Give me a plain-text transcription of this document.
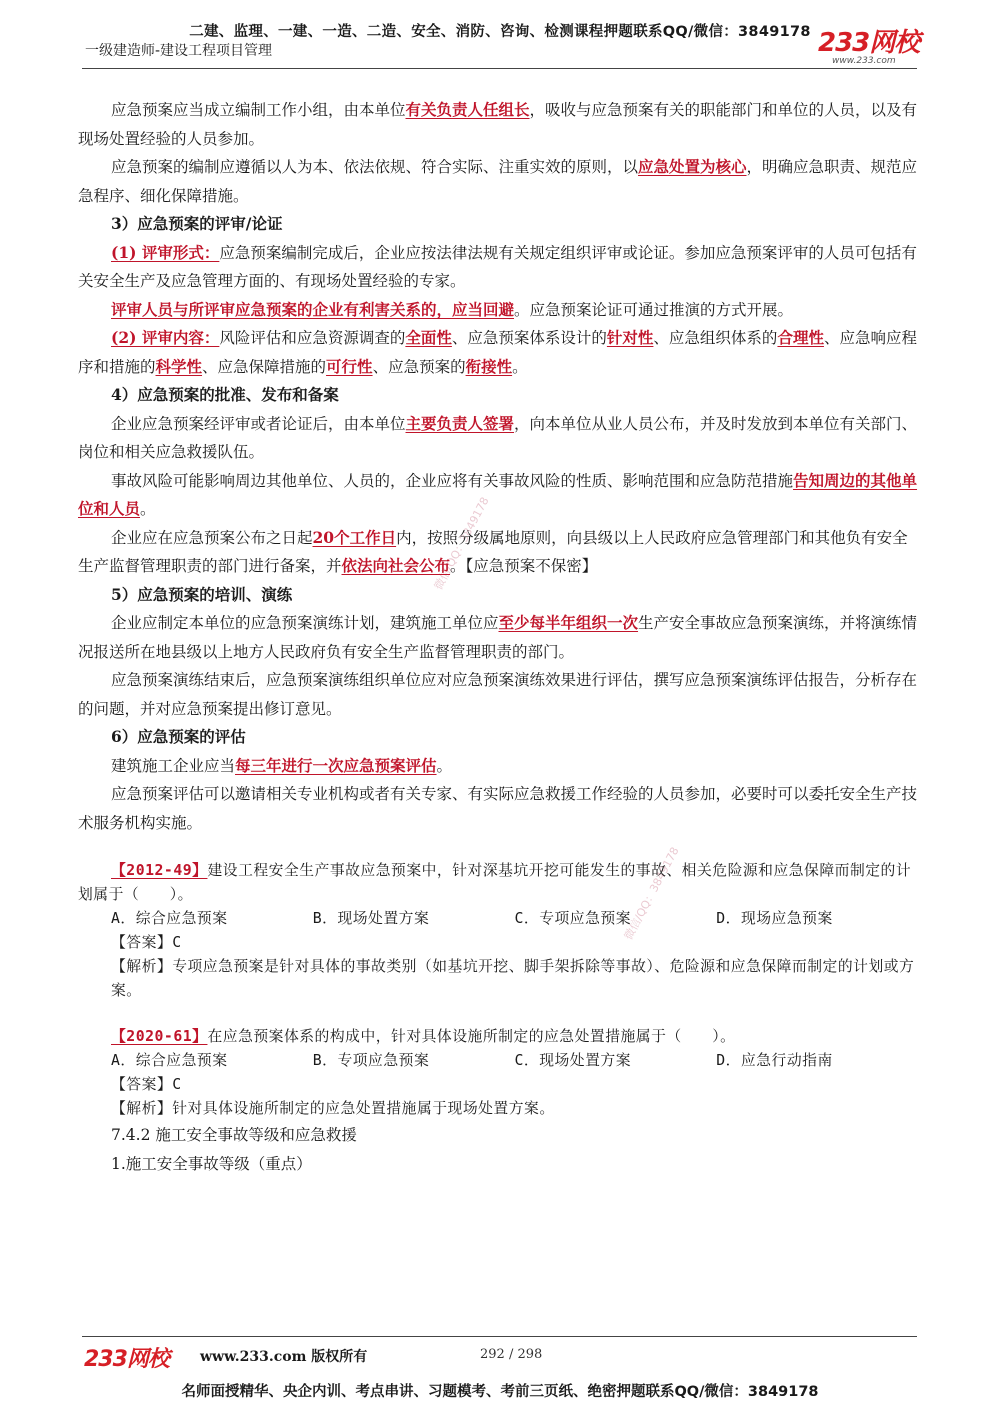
二建、监理、一建、一造、二造、安全、消防、咨询、检测课程押题联系QQ/微信：3849178
一级建造师-建设工程项目管理	233网校
www.233.com
微信/QQ：3849178
微信/QQ：3849178

应急预案应当成立编制工作小组，由本单位有关负责人任组长，吸收与应急预案有关的职能部门和单位的人员，以及有现场处置经验的人员参加。

应急预案的编制应遵循以人为本、依法依规、符合实际、注重实效的原则，以应急处置为核心，明确应急职责、规范应急程序、细化保障措施。

3）应急预案的评审/论证

(1) 评审形式：应急预案编制完成后，企业应按法律法规有关规定组织评审或论证。参加应急预案评审的人员可包括有关安全生产及应急管理方面的、有现场处置经验的专家。

评审人员与所评审应急预案的企业有利害关系的，应当回避。应急预案论证可通过推演的方式开展。

(2) 评审内容：风险评估和应急资源调查的全面性、应急预案体系设计的针对性、应急组织体系的合理性、应急响应程序和措施的科学性、应急保障措施的可行性、应急预案的衔接性。

4）应急预案的批准、发布和备案

企业应急预案经评审或者论证后，由本单位主要负责人签署，向本单位从业人员公布，并及时发放到本单位有关部门、岗位和相关应急救援队伍。

事故风险可能影响周边其他单位、人员的，企业应将有关事故风险的性质、影响范围和应急防范措施告知周边的其他单位和人员。

企业应在应急预案公布之日起20个工作日内，按照分级属地原则，向县级以上人民政府应急管理部门和其他负有安全生产监督管理职责的部门进行备案，并依法向社会公布。【应急预案不保密】

5）应急预案的培训、演练

企业应制定本单位的应急预案演练计划，建筑施工单位应至少每半年组织一次生产安全事故应急预案演练，并将演练情况报送所在地县级以上地方人民政府负有安全生产监督管理职责的部门。

应急预案演练结束后，应急预案演练组织单位应对应急预案演练效果进行评估，撰写应急预案演练评估报告，分析存在的问题，并对应急预案提出修订意见。

6）应急预案的评估

建筑施工企业应当每三年进行一次应急预案评估。

应急预案评估可以邀请相关专业机构或者有关专家、有实际应急救援工作经验的人员参加，必要时可以委托安全生产技术服务机构实施。

【2012-49】建设工程安全生产事故应急预案中，针对深基坑开挖可能发生的事故、相关危险源和应急保障而制定的计划属于（　　）。
A．综合应急预案	B．现场处置方案	C．专项应急预案	D．现场应急预案
【答案】C
【解析】专项应急预案是针对具体的事故类别（如基坑开挖、脚手架拆除等事故）、危险源和应急保障而制定的计划或方案。
【2020-61】在应急预案体系的构成中，针对具体设施所制定的应急处置措施属于（　　）。
A．综合应急预案	B．专项应急预案	C．现场处置方案	D．应急行动指南
【答案】C
【解析】针对具体设施所制定的应急处置措施属于现场处置方案。

7.4.2 施工安全事故等级和应急救援

1.施工安全事故等级（重点）

233网校 www.233.com 版权所有	292 / 298
名师面授精华、央企内训、考点串讲、习题模考、考前三页纸、绝密押题联系QQ/微信：3849178
